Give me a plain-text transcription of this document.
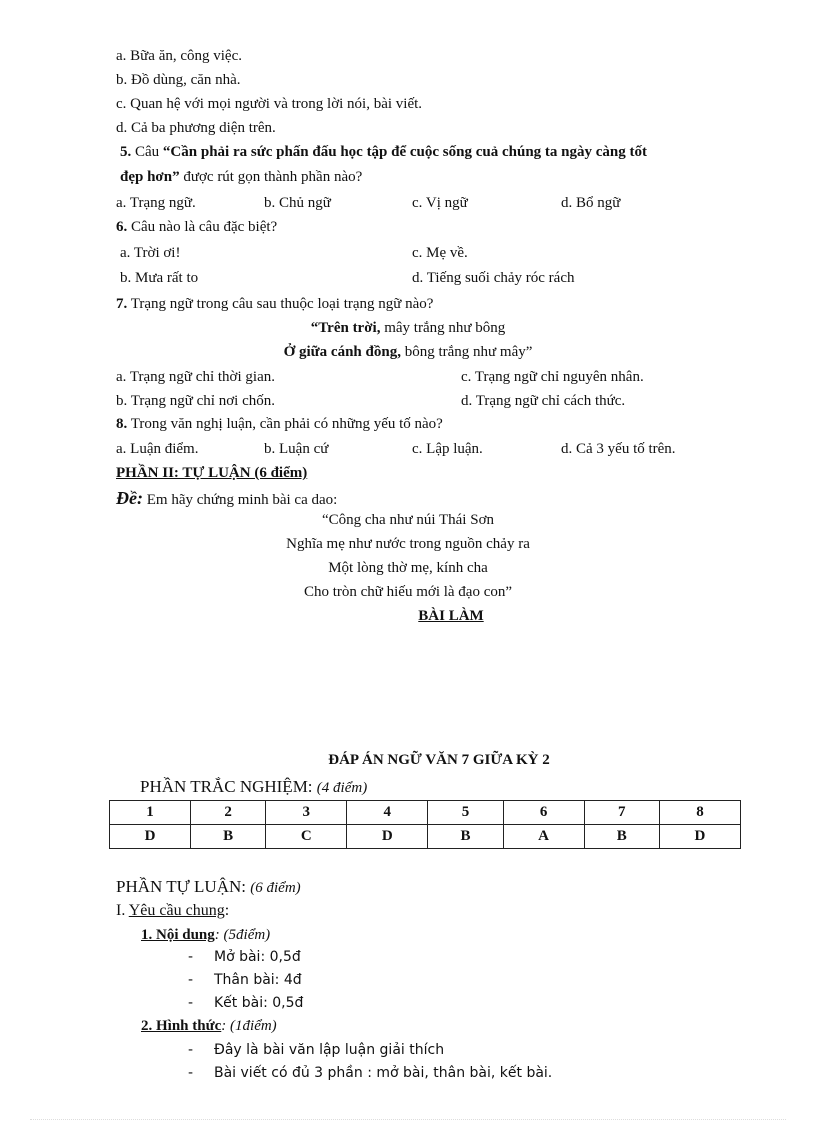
a. Bữa ăn, công việc.
b. Đồ dùng, căn nhà.
c. Quan hệ với mọi người và trong lời nói, bài viết.
d. Cả ba phương diện trên.
5. Câu “Cần phải ra sức phấn đấu học tập để cuộc sống cuả chúng ta ngày càng tốt
đẹp hơn” được rút gọn thành phần nào?
a. Trạng ngữ.	b. Chủ ngữ	c. Vị ngữ	d. Bổ ngữ
6. Câu nào là câu đặc biệt?
a. Trời ơi!	c. Mẹ về.
b. Mưa rất to	d. Tiếng suối chảy róc rách
7. Trạng ngữ trong câu sau thuộc loại trạng ngữ nào?
“Trên trời, mây trắng như bông
Ở giữa cánh đồng, bông trắng như mây”
a. Trạng ngữ chỉ thời gian.	c. Trạng ngữ chỉ nguyên nhân.
b. Trạng ngữ chỉ nơi chốn.	d. Trạng ngữ chỉ cách thức.
8. Trong văn nghị luận, cần phải có những yếu tố nào?
a. Luận điểm.	b. Luận cứ	c. Lập luận.	d. Cả 3 yếu tố trên.
PHẦN II: TỰ LUẬN (6 điểm)
Đề: Em hãy chứng minh bài ca dao:
“Công cha như núi Thái Sơn
Nghĩa mẹ như nước trong nguồn chảy ra
Một lòng thờ mẹ, kính cha
Cho tròn chữ hiếu mới là đạo con”
BÀI LÀM
ĐÁP ÁN NGỮ VĂN 7 GIỮA KỲ 2
PHẦN TRẮC NGHIỆM: (4 điểm)
1	2	3	4	5	6	7	8
D	B	C	D	B	A	B	D
PHẦN TỰ LUẬN: (6 điểm)
I. Yêu cầu chung:
1. Nội dung: (5điểm)
- Mở bài: 0,5đ
- Thân bài: 4đ
- Kết bài: 0,5đ
2. Hình thức: (1điểm)
- Đây là bài văn lập luận giải thích
- Bài viết có đủ 3 phần : mở bài, thân bài, kết bài.
